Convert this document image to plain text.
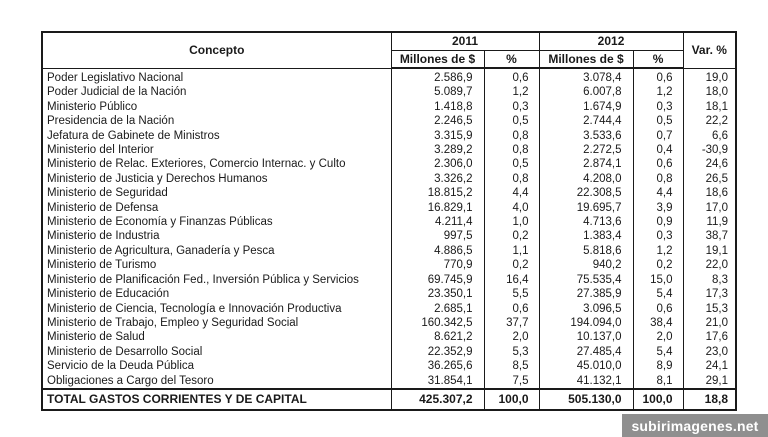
Concepto	2011		2012		Var. %
	Millones de $	%	Millones de $	%	
Poder Legislativo Nacional	2.586,9	0,6	3.078,4	0,6	19,0
Poder Judicial de la Nación	5.089,7	1,2	6.007,8	1,2	18,0
Ministerio Público	1.418,8	0,3	1.674,9	0,3	18,1
Presidencia de la Nación	2.246,5	0,5	2.744,4	0,5	22,2
Jefatura de Gabinete de Ministros	3.315,9	0,8	3.533,6	0,7	6,6
Ministerio del Interior	3.289,2	0,8	2.272,5	0,4	-30,9
Ministerio de Relac. Exteriores, Comercio Internac. y Culto	2.306,0	0,5	2.874,1	0,6	24,6
Ministerio de Justicia y Derechos Humanos	3.326,2	0,8	4.208,0	0,8	26,5
Ministerio de Seguridad	18.815,2	4,4	22.308,5	4,4	18,6
Ministerio de Defensa	16.829,1	4,0	19.695,7	3,9	17,0
Ministerio de Economía y Finanzas Públicas	4.211,4	1,0	4.713,6	0,9	11,9
Ministerio de Industria	997,5	0,2	1.383,4	0,3	38,7
Ministerio de Agricultura, Ganadería y Pesca	4.886,5	1,1	5.818,6	1,2	19,1
Ministerio de Turismo	770,9	0,2	940,2	0,2	22,0
Ministerio de Planificación Fed., Inversión Pública y Servicios	69.745,9	16,4	75.535,4	15,0	8,3
Ministerio de Educación	23.350,1	5,5	27.385,9	5,4	17,3
Ministerio de Ciencia, Tecnología e Innovación Productiva	2.685,1	0,6	3.096,5	0,6	15,3
Ministerio de Trabajo, Empleo y Seguridad Social	160.342,5	37,7	194.094,0	38,4	21,0
Ministerio de Salud	8.621,2	2,0	10.137,0	2,0	17,6
Ministerio de Desarrollo Social	22.352,9	5,3	27.485,4	5,4	23,0
Servicio de la Deuda Pública	36.265,6	8,5	45.010,0	8,9	24,1
Obligaciones a Cargo del Tesoro	31.854,1	7,5	41.132,1	8,1	29,1
TOTAL GASTOS CORRIENTES Y DE CAPITAL	425.307,2	100,0	505.130,0	100,0	18,8
subirimagenes.net
